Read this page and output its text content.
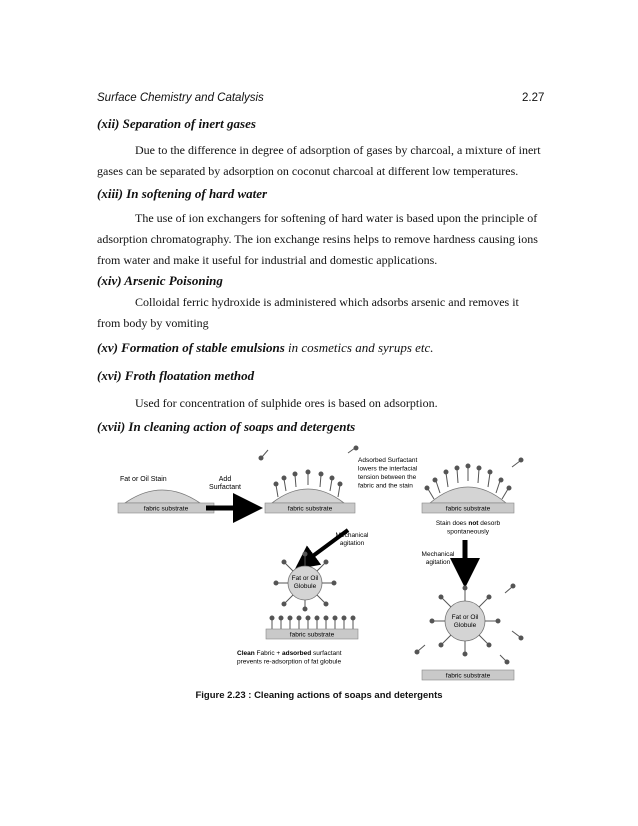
Surface Chemistry and Catalysis	2.27
(xii) Separation of inert gases

Due to the difference in degree of adsorption of gases by charcoal, a mixture of inert gases can be separated by adsorption on coconut charcoal at different low temperatures.

(xiii) In softening of hard water

The use of ion exchangers for softening of hard water is based upon the principle of adsorption chromatography. The ion exchange resins helps to remove hardness causing ions from water and make it useful for industrial and domestic applications.

(xiv) Arsenic Poisoning

Colloidal ferric hydroxide is administered which adsorbs arsenic and removes it from body by vomiting

(xv) Formation of stable emulsions in cosmetics and syrups etc.
(xvi) Froth floatation method

Used for concentration of sulphide ores is based on adsorption.

(xvii) In cleaning action of soaps and detergents
Fat or Oil Stain
fabric substrate
Add
Surfactant
fabric substrate
Adsorbed Surfactant
lowers the interfacial
tension between the
fabric and the stain
fabric substrate
Stain does not desorb
spontaneously
Mechanical
agitation
Mechanical
agitation
Fat or Oil
Globule
fabric substrate
Clean Fabric + adsorbed surfactant
prevents re-adsorption of fat globule
Fat or Oil
Globule
fabric substrate
Figure 2.23 : Cleaning actions of soaps and detergents
